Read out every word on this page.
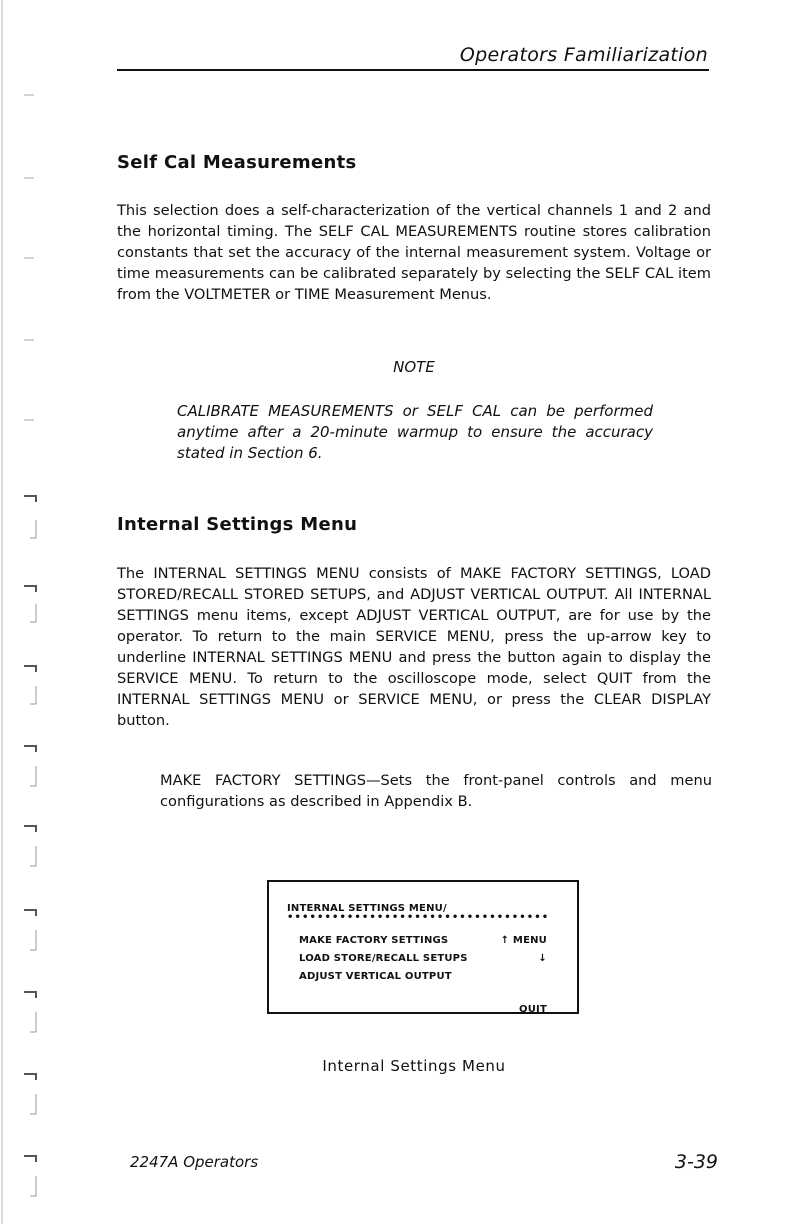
Operators Familiarization
Self Cal Measurements
This selection does a self-characterization of the vertical channels 1 and 2 and the horizontal timing. The SELF CAL MEASUREMENTS routine stores calibration constants that set the accuracy of the internal measurement system. Voltage or time measurements can be calibrated separately by selecting the SELF CAL item from the VOLTMETER or TIME Measurement Menus.
NOTE
CALIBRATE MEASUREMENTS or SELF CAL can be performed anytime after a 20-minute warmup to ensure the accuracy stated in Section 6.
Internal Settings Menu
The INTERNAL SETTINGS MENU consists of MAKE FACTORY SETTINGS, LOAD STORED/RECALL STORED SETUPS, and ADJUST VERTICAL OUTPUT. All INTERNAL SETTINGS menu items, except ADJUST VERTICAL OUTPUT, are for use by the operator. To return to the main SERVICE MENU, press the up-arrow key to underline INTERNAL SETTINGS MENU and press the button again to display the SERVICE MENU. To return to the oscilloscope mode, select QUIT from the INTERNAL SETTINGS MENU or SERVICE MENU, or press the CLEAR DISPLAY button.
MAKE FACTORY SETTINGS—Sets the front-panel controls and menu configurations as described in Appendix B.
INTERNAL SETTINGS MENU/
•••••••••••••••••••••••••••••••••••
MAKE FACTORY SETTINGS
LOAD STORE/RECALL SETUPS
ADJUST VERTICAL OUTPUT
↑ MENU
↓
QUIT
Internal Settings Menu
2247A Operators	3-39
